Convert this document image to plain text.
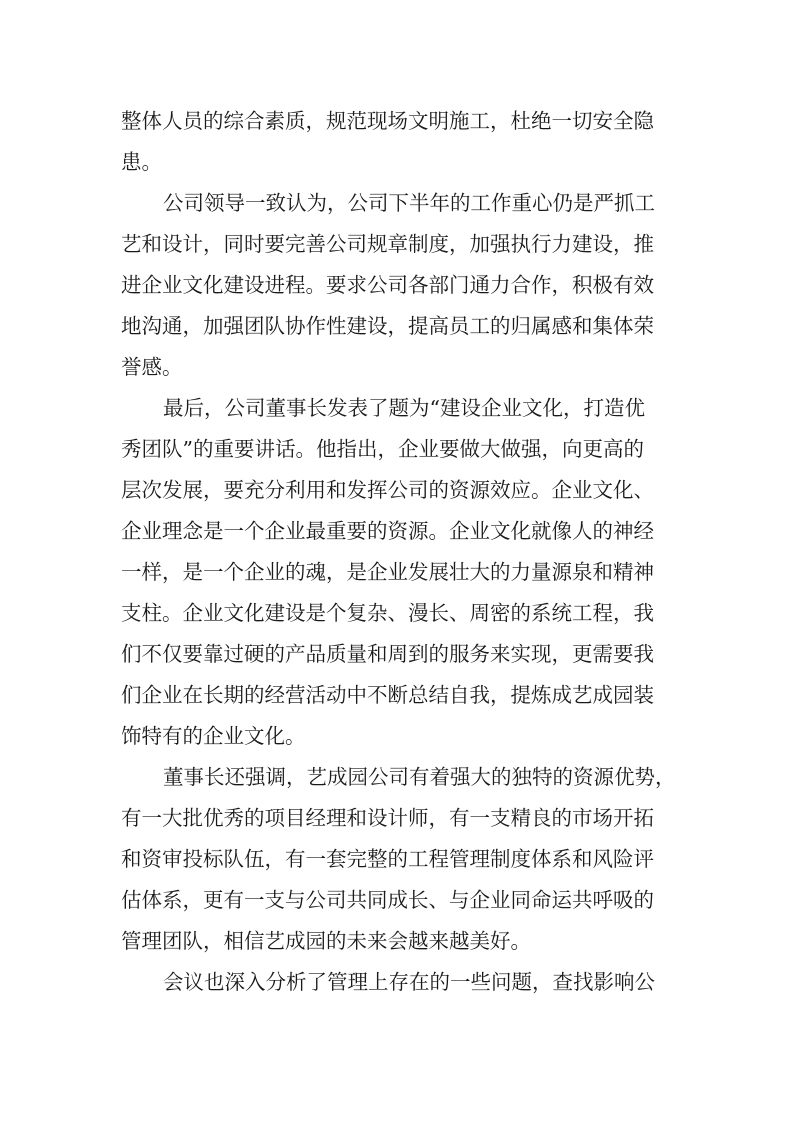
整体人员的综合素质，规范现场文明施工，杜绝一切安全隐
患。
公司领导一致认为，公司下半年的工作重心仍是严抓工
艺和设计，同时要完善公司规章制度，加强执行力建设，推
进企业文化建设进程。要求公司各部门通力合作，积极有效
地沟通，加强团队协作性建设，提高员工的归属感和集体荣
誉感。
最后，公司董事长发表了题为“建设企业文化，打造优
秀团队”的重要讲话。他指出，企业要做大做强，向更高的
层次发展，要充分利用和发挥公司的资源效应。企业文化、
企业理念是一个企业最重要的资源。企业文化就像人的神经
一样，是一个企业的魂，是企业发展壮大的力量源泉和精神
支柱。企业文化建设是个复杂、漫长、周密的系统工程，我
们不仅要靠过硬的产品质量和周到的服务来实现，更需要我
们企业在长期的经营活动中不断总结自我，提炼成艺成园装
饰特有的企业文化。
董事长还强调，艺成园公司有着强大的独特的资源优势，
有一大批优秀的项目经理和设计师，有一支精良的市场开拓
和资审投标队伍，有一套完整的工程管理制度体系和风险评
估体系，更有一支与公司共同成长、与企业同命运共呼吸的
管理团队，相信艺成园的未来会越来越美好。
会议也深入分析了管理上存在的一些问题，查找影响公
